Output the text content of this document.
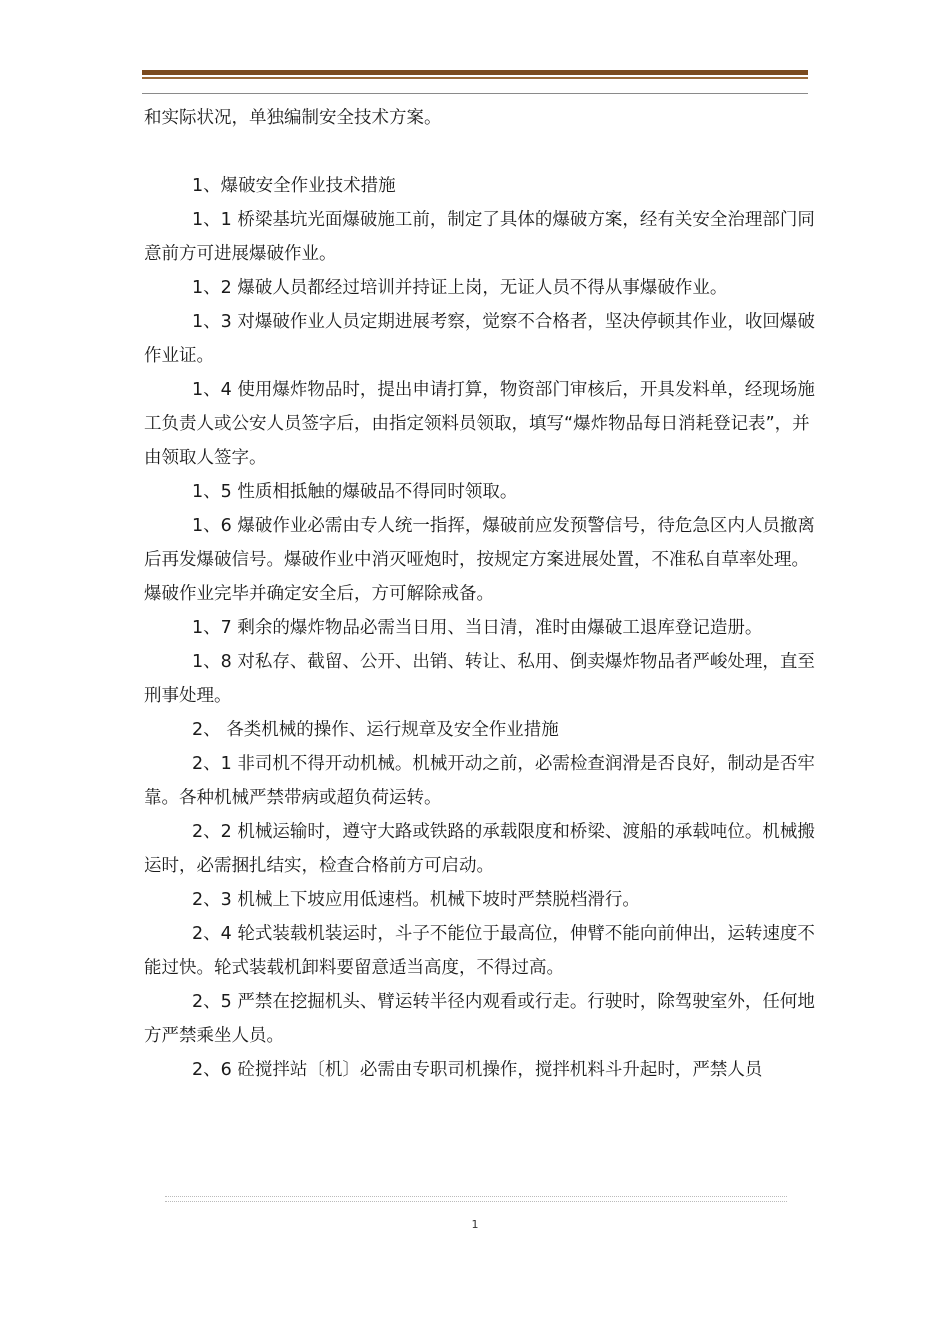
和实际状况，单独编制安全技术方案。

1、爆破安全作业技术措施

1、1 桥梁基坑光面爆破施工前，制定了具体的爆破方案，经有关安全治理部门同意前方可进展爆破作业。

1、2 爆破人员都经过培训并持证上岗，无证人员不得从事爆破作业。

1、3 对爆破作业人员定期进展考察，觉察不合格者，坚决停顿其作业，收回爆破作业证。

1、4 使用爆炸物品时，提出申请打算，物资部门审核后，开具发料单，经现场施工负责人或公安人员签字后，由指定领料员领取，填写“爆炸物品每日消耗登记表”，并由领取人签字。

1、5 性质相抵触的爆破品不得同时领取。

1、6 爆破作业必需由专人统一指挥，爆破前应发预警信号，待危急区内人员撤离后再发爆破信号。爆破作业中消灭哑炮时，按规定方案进展处置，不准私自草率处理。爆破作业完毕并确定安全后，方可解除戒备。

1、7 剩余的爆炸物品必需当日用、当日清，准时由爆破工退库登记造册。

1、8 对私存、截留、公开、出销、转让、私用、倒卖爆炸物品者严峻处理，直至刑事处理。

2、 各类机械的操作、运行规章及安全作业措施

2、1 非司机不得开动机械。机械开动之前，必需检查润滑是否良好，制动是否牢靠。各种机械严禁带病或超负荷运转。

2、2 机械运输时，遵守大路或铁路的承载限度和桥梁、渡船的承载吨位。机械搬运时，必需捆扎结实，检查合格前方可启动。

2、3 机械上下坡应用低速档。机械下坡时严禁脱档滑行。

2、4 轮式装载机装运时，斗子不能位于最高位，伸臂不能向前伸出，运转速度不能过快。轮式装载机卸料要留意适当高度，不得过高。

2、5 严禁在挖掘机头、臂运转半径内观看或行走。行驶时，除驾驶室外，任何地方严禁乘坐人员。

2、6 砼搅拌站〔机〕必需由专职司机操作，搅拌机料斗升起时，严禁人员

1
